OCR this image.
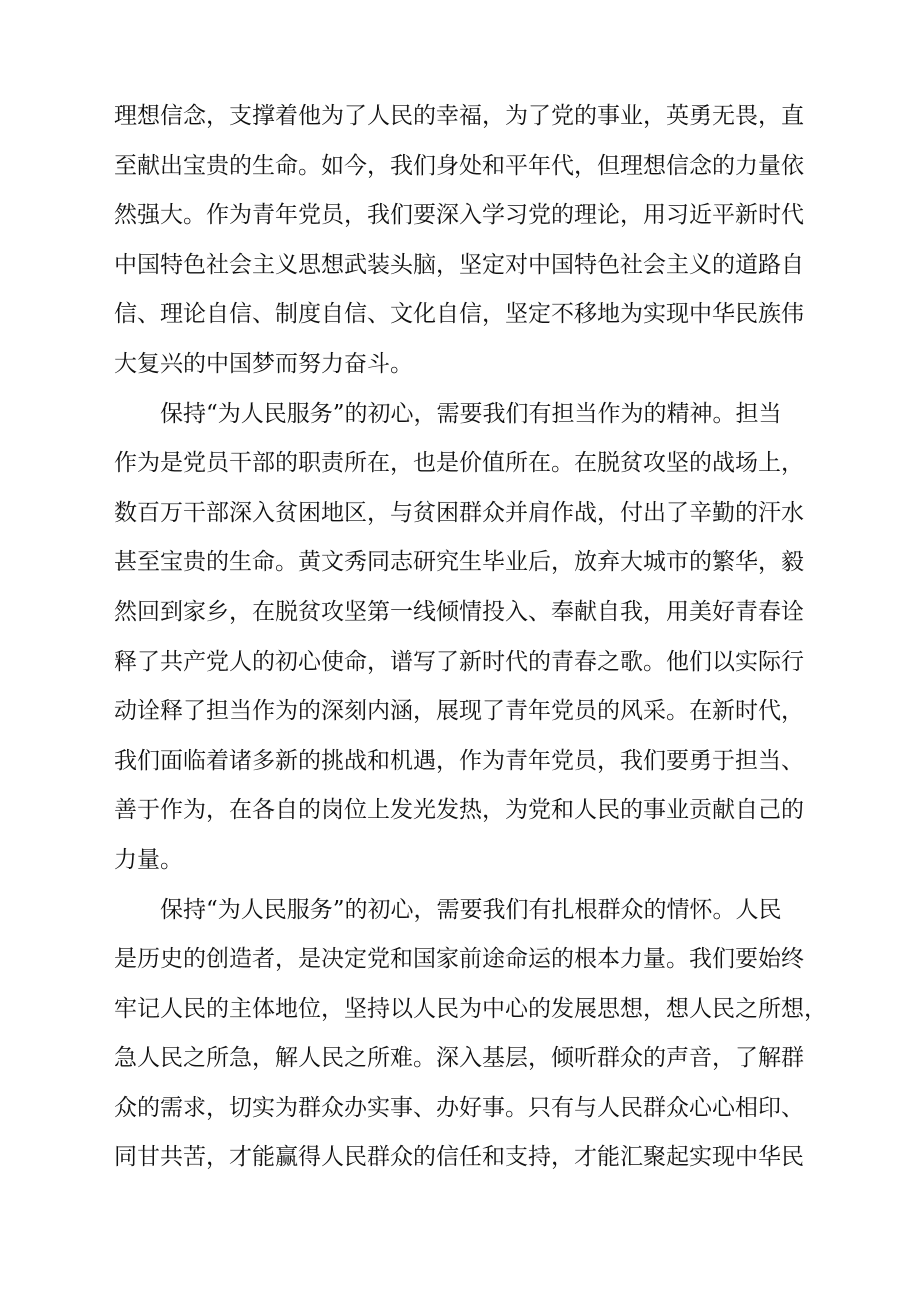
理想信念，支撑着他为了人民的幸福，为了党的事业，英勇无畏，直
至献出宝贵的生命。如今，我们身处和平年代，但理想信念的力量依
然强大。作为青年党员，我们要深入学习党的理论，用习近平新时代
中国特色社会主义思想武装头脑，坚定对中国特色社会主义的道路自
信、理论自信、制度自信、文化自信，坚定不移地为实现中华民族伟
大复兴的中国梦而努力奋斗。
保持“为人民服务”的初心，需要我们有担当作为的精神。担当
作为是党员干部的职责所在，也是价值所在。在脱贫攻坚的战场上，
数百万干部深入贫困地区，与贫困群众并肩作战，付出了辛勤的汗水
甚至宝贵的生命。黄文秀同志研究生毕业后，放弃大城市的繁华，毅
然回到家乡，在脱贫攻坚第一线倾情投入、奉献自我，用美好青春诠
释了共产党人的初心使命，谱写了新时代的青春之歌。他们以实际行
动诠释了担当作为的深刻内涵，展现了青年党员的风采。在新时代，
我们面临着诸多新的挑战和机遇，作为青年党员，我们要勇于担当、
善于作为，在各自的岗位上发光发热，为党和人民的事业贡献自己的
力量。
保持“为人民服务”的初心，需要我们有扎根群众的情怀。人民
是历史的创造者，是决定党和国家前途命运的根本力量。我们要始终
牢记人民的主体地位，坚持以人民为中心的发展思想，想人民之所想，
急人民之所急，解人民之所难。深入基层，倾听群众的声音，了解群
众的需求，切实为群众办实事、办好事。只有与人民群众心心相印、
同甘共苦，才能赢得人民群众的信任和支持，才能汇聚起实现中华民
